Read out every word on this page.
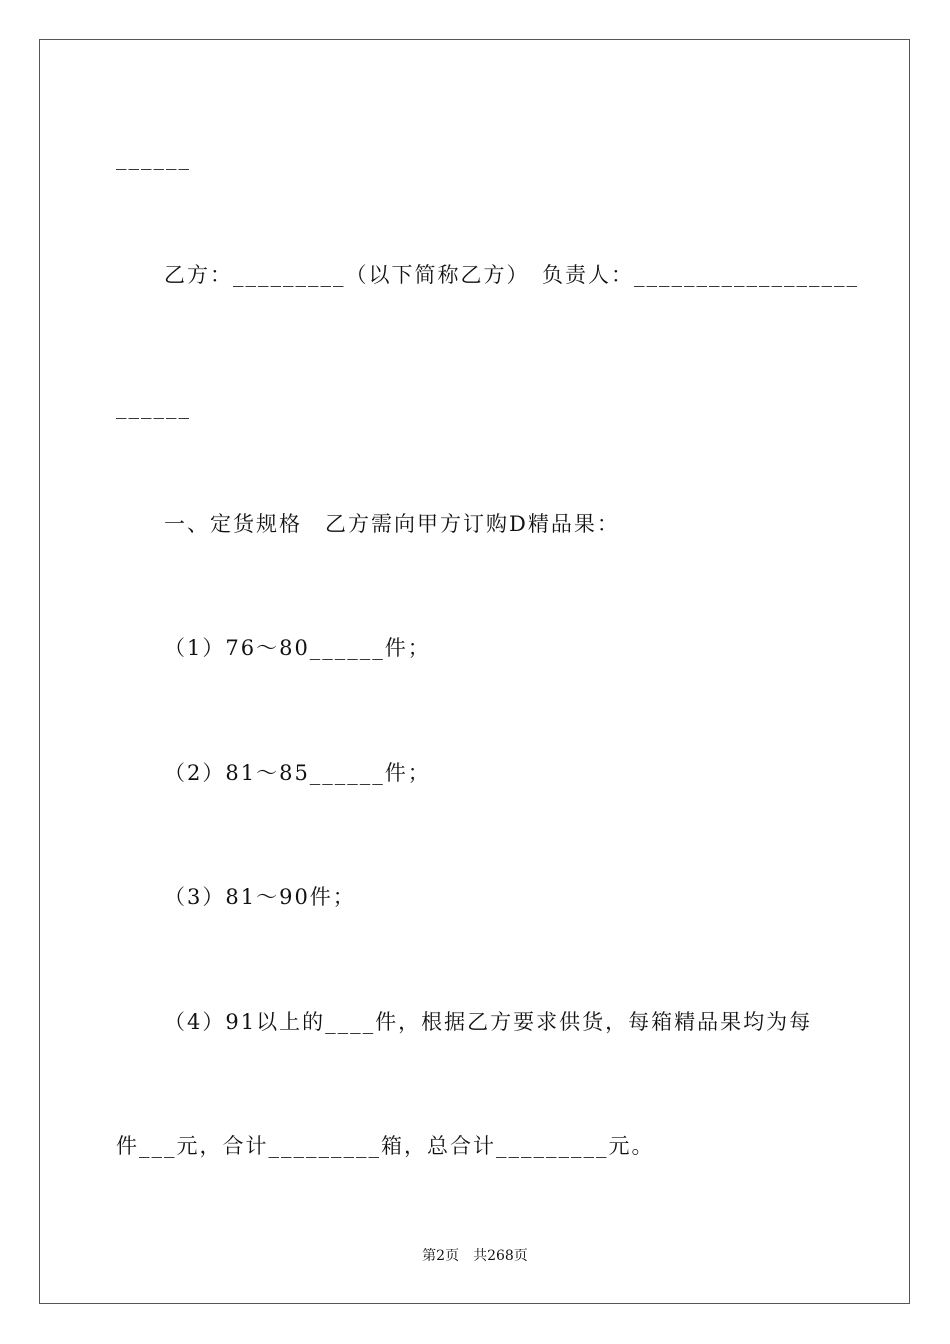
______
乙方：_________（以下简称乙方）　负责人：__________________
______
一、定货规格　乙方需向甲方订购D精品果：
（1）76～80______件；
（2）81～85______件；
（3）81～90件；
（4）91以上的____件，根据乙方要求供货，每箱精品果均为每
件___元，合计_________箱，总合计_________元。
第2页　共268页
